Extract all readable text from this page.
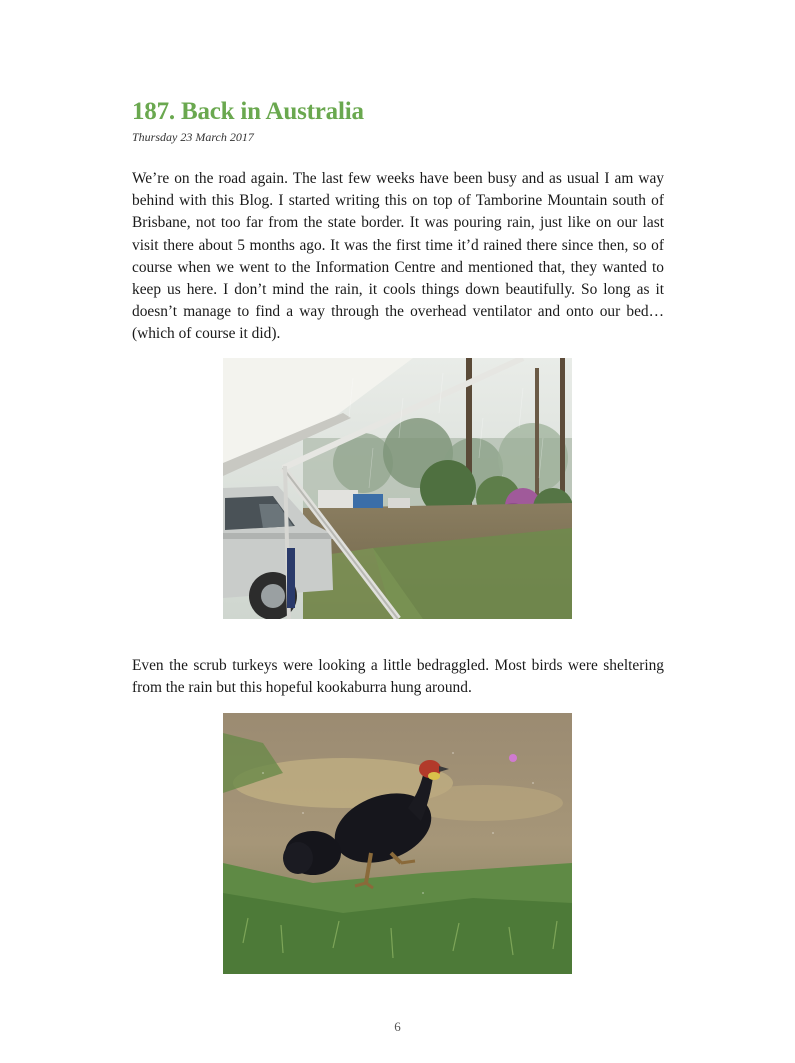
187. Back in Australia
Thursday 23 March 2017

We’re on the road again. The last few weeks have been busy and as usual I am way behind with this Blog. I started writing this on top of Tamborine Mountain south of Brisbane, not too far from the state border. It was pouring rain, just like on our last visit there about 5 months ago. It was the first time it’d rained there since then, so of course when we went to the Information Centre and mentioned that, they wanted to keep us here. I don’t mind the rain, it cools things down beautifully. So long as it doesn’t manage to find a way through the overhead ventilator and onto our bed… (which of course it did).

Even the scrub turkeys were looking a little bedraggled. Most birds were sheltering from the rain but this hopeful kookaburra hung around.

6
